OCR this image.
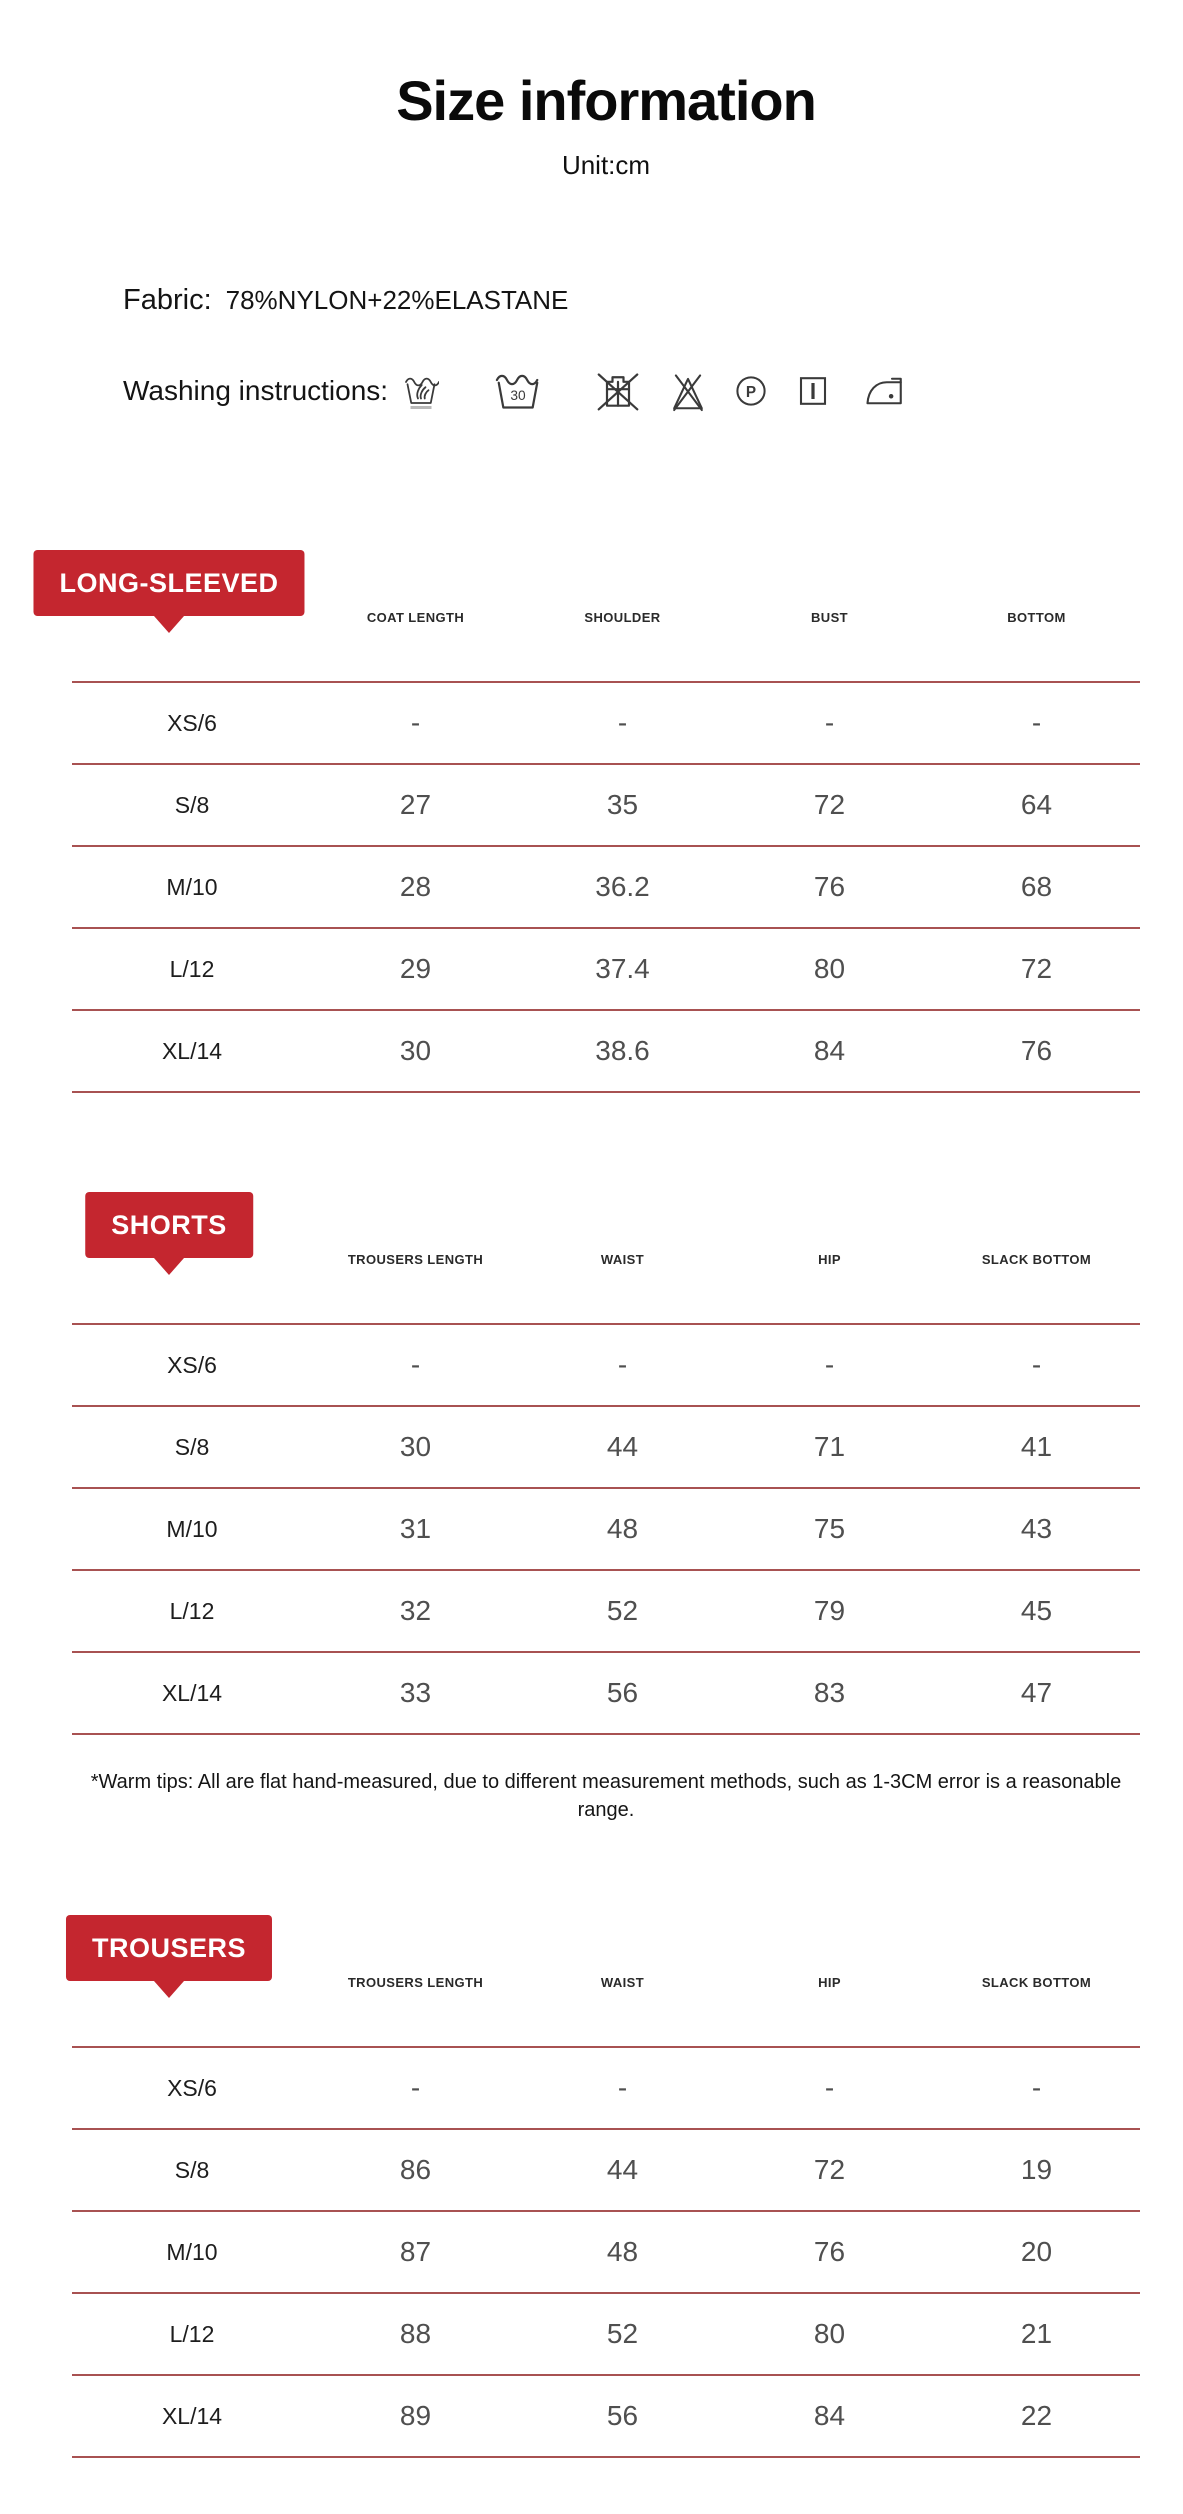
Size information
Unit:cm
Fabric: 78%NYLON+22%ELASTANE
Washing instructions:	30	P
LONG-SLEEVED
COAT LENGTH	SHOULDER	BUST	BOTTOM
XS/6	-	-	-	-
S/8	27	35	72	64
M/10	28	36.2	76	68
L/12	29	37.4	80	72
XL/14	30	38.6	84	76
SHORTS
TROUSERS LENGTH	WAIST	HIP	SLACK BOTTOM
XS/6	-	-	-	-
S/8	30	44	71	41
M/10	31	48	75	43
L/12	32	52	79	45
XL/14	33	56	83	47
*Warm tips: All are flat hand-measured, due to different measurement methods, such as 1-3CM error is a reasonable range.
TROUSERS
TROUSERS LENGTH	WAIST	HIP	SLACK BOTTOM
XS/6	-	-	-	-
S/8	86	44	72	19
M/10	87	48	76	20
L/12	88	52	80	21
XL/14	89	56	84	22
